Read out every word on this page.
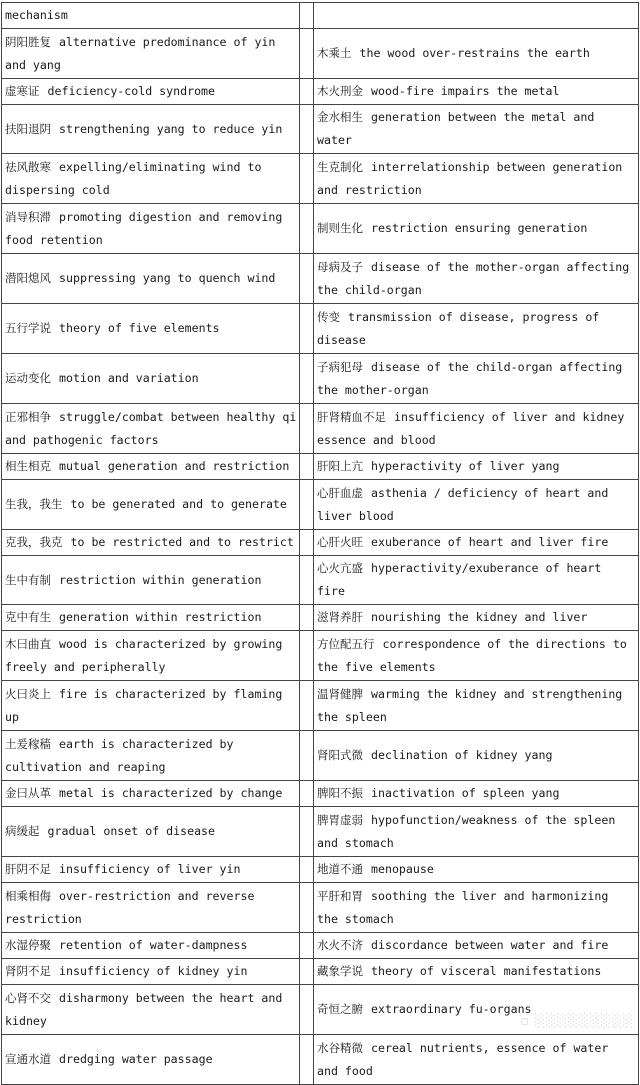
mechanism		
阴阳胜复 alternative predominance of yin and yang		木乘土 the wood over-restrains the earth
虚寒证 deficiency-cold syndrome		木火刑金 wood-fire impairs the metal
扶阳退阴 strengthening yang to reduce yin		金水相生 generation between the metal and water
祛风散寒 expelling/eliminating wind to dispersing cold		生克制化 interrelationship between generation and restriction
消导积滞 promoting digestion and removing food retention		制则生化 restriction ensuring generation
潜阳熄风 suppressing yang to quench wind		母病及子 disease of the mother-organ affecting the child-organ
五行学说 theory of five elements		传变 transmission of disease, progress of disease
运动变化 motion and variation		子病犯母 disease of the child-organ affecting the mother-organ
正邪相争 struggle/combat between healthy qi and pathogenic factors		肝肾精血不足 insufficiency of liver and kidney essence and blood
相生相克 mutual generation and restriction		肝阳上亢 hyperactivity of liver yang
生我，我生 to be generated and to generate		心肝血虚 asthenia / deficiency of heart and liver blood
克我，我克 to be restricted and to restrict		心肝火旺 exuberance of heart and liver fire
生中有制 restriction within generation		心火亢盛 hyperactivity/exuberance of heart fire
克中有生 generation within restriction		滋肾养肝 nourishing the kidney and liver
木曰曲直 wood is characterized by growing freely and peripherally		方位配五行 correspondence of the directions to the five elements
火曰炎上 fire is characterized by flaming up		温肾健脾 warming the kidney and strengthening the spleen
土爰稼穑 earth is characterized by cultivation and reaping		肾阳式微 declination of kidney yang
金曰从革 metal is characterized by change		脾阳不振 inactivation of spleen yang
病缓起 gradual onset of disease		脾胃虚弱 hypofunction/weakness of the spleen and stomach
肝阴不足 insufficiency of liver yin		地道不通 menopause
相乘相侮 over-restriction and reverse restriction		平肝和胃 soothing the liver and harmonizing the stomach
水湿停聚 retention of water-dampness		水火不济 discordance between water and fire
肾阴不足 insufficiency of kidney yin		藏象学说 theory of visceral manifestations
心肾不交 disharmony between the heart and kidney		奇恒之腑 extraordinary fu-organs
宣通水道 dredging water passage		水谷精微 cereal nutrients, essence of water and food
▫ ░░░░░░░░░
